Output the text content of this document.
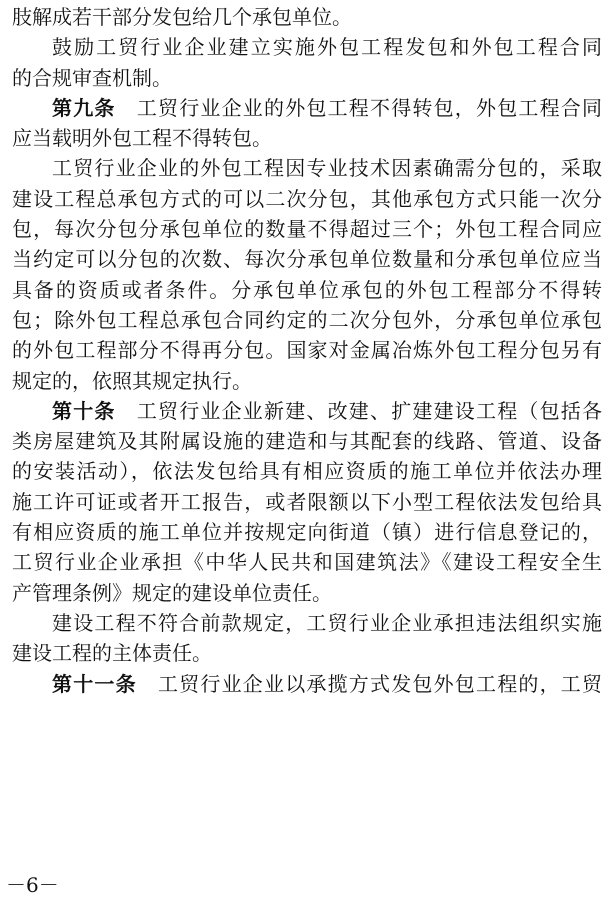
肢解成若干部分发包给几个承包单位。
鼓励工贸行业企业建立实施外包工程发包和外包工程合同
的合规审查机制。
第九条　工贸行业企业的外包工程不得转包，外包工程合同
应当载明外包工程不得转包。
工贸行业企业的外包工程因专业技术因素确需分包的，采取
建设工程总承包方式的可以二次分包，其他承包方式只能一次分
包，每次分包分承包单位的数量不得超过三个；外包工程合同应
当约定可以分包的次数、每次分承包单位数量和分承包单位应当
具备的资质或者条件。分承包单位承包的外包工程部分不得转
包；除外包工程总承包合同约定的二次分包外，分承包单位承包
的外包工程部分不得再分包。国家对金属冶炼外包工程分包另有
规定的，依照其规定执行。
第十条　工贸行业企业新建、改建、扩建建设工程（包括各
类房屋建筑及其附属设施的建造和与其配套的线路、管道、设备
的安装活动），依法发包给具有相应资质的施工单位并依法办理
施工许可证或者开工报告，或者限额以下小型工程依法发包给具
有相应资质的施工单位并按规定向街道（镇）进行信息登记的，
工贸行业企业承担《中华人民共和国建筑法》《建设工程安全生
产管理条例》规定的建设单位责任。
建设工程不符合前款规定，工贸行业企业承担违法组织实施
建设工程的主体责任。
第十一条　工贸行业企业以承揽方式发包外包工程的，工贸
－6－
